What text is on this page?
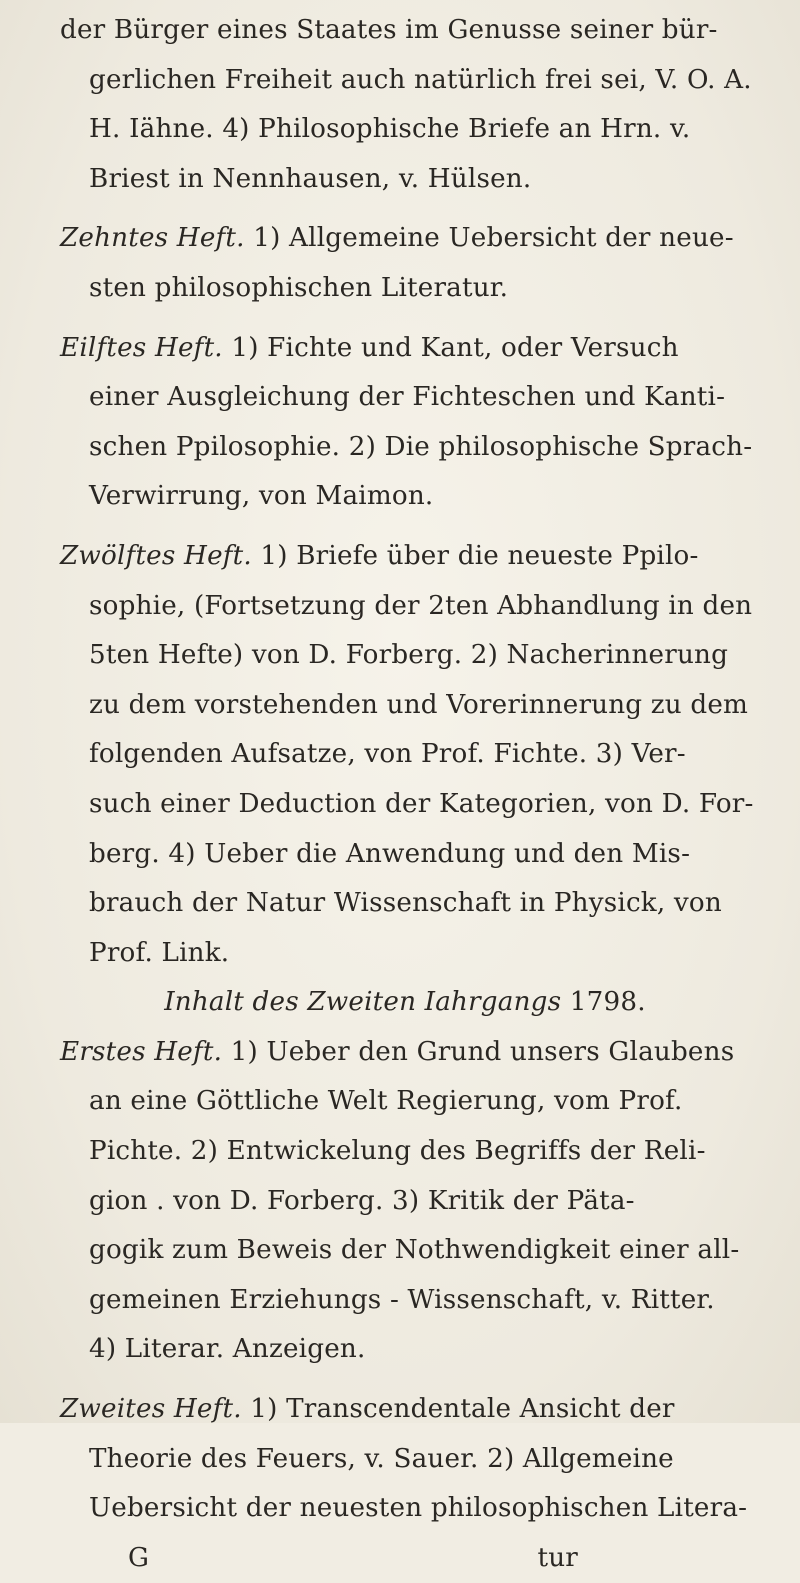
der Bürger eines Staates im Genusse seiner bür-
gerlichen Freiheit auch natürlich frei sei, V. O. A.
H. Iähne. 4) Philosophische Briefe an Hrn. v.
Briest in Nennhausen, v. Hülsen.
Zehntes Heft. 1) Allgemeine Uebersicht der neue-
sten philosophischen Literatur.
Eilftes Heft. 1) Fichte und Kant, oder Versuch
einer Ausgleichung der Fichteschen und Kanti-
schen Ppilosophie. 2) Die philosophische Sprach-
Verwirrung, von Maimon.
Zwölftes Heft. 1) Briefe über die neueste Ppilo-
sophie, (Fortsetzung der 2ten Abhandlung in den
5ten Hefte) von D. Forberg. 2) Nacherinnerung
zu dem vorstehenden und Vorerinnerung zu dem
folgenden Aufsatze, von Prof. Fichte. 3) Ver-
such einer Deduction der Kategorien, von D. For-
berg. 4) Ueber die Anwendung und den Mis-
brauch der Natur Wissenschaft in Physick, von
Prof. Link.
Inhalt des Zweiten Iahrgangs 1798.
Erstes Heft. 1) Ueber den Grund unsers Glaubens
an eine Göttliche Welt Regierung, vom Prof.
Pichte. 2) Entwickelung des Begriffs der Reli-
gion . von D. Forberg. 3) Kritik der Päta-
gogik zum Beweis der Nothwendigkeit einer all-
gemeinen Erziehungs - Wissenschaft, v. Ritter.
4) Literar. Anzeigen.
Zweites Heft. 1) Transcendentale Ansicht der
Theorie des Feuers, v. Sauer. 2) Allgemeine
Uebersicht der neuesten philosophischen Litera-
G	tur
